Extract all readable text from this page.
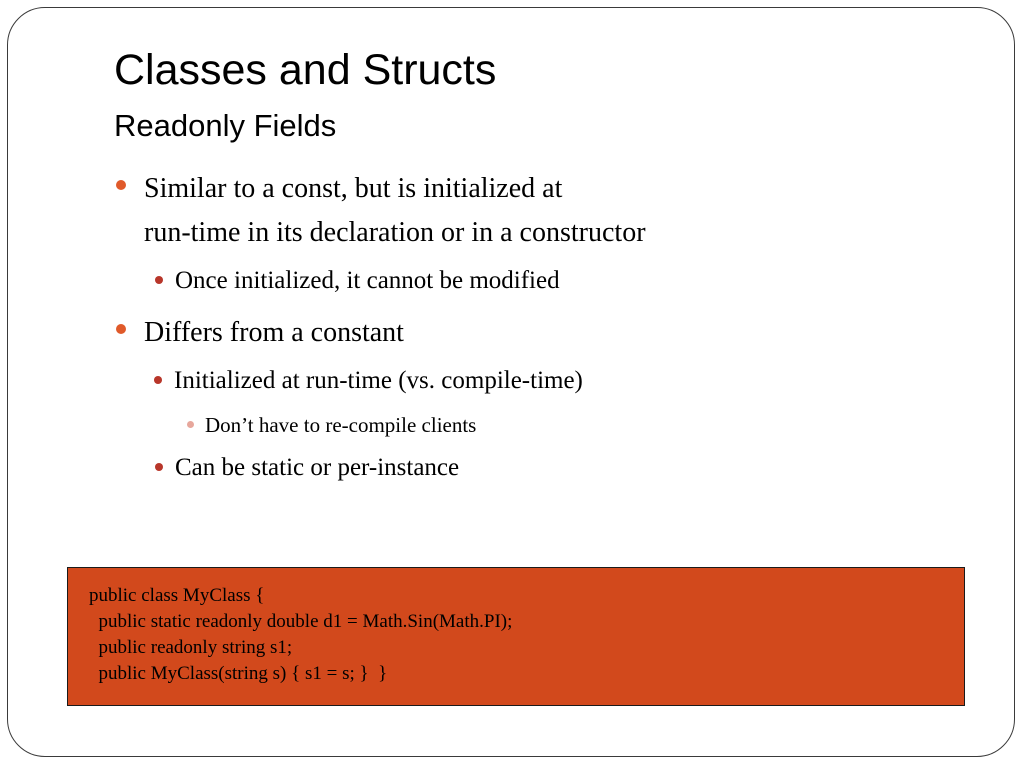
Classes and Structs
Readonly Fields
Similar to a const, but is initialized at
run-time in its declaration or in a constructor
Once initialized, it cannot be modified
Differs from a constant
Initialized at run-time (vs. compile-time)
Don’t have to re-compile clients
Can be static or per-instance
public class MyClass {
public static readonly double d1 = Math.Sin(Math.PI);
public readonly string s1;
public MyClass(string s) { s1 = s; }  }
